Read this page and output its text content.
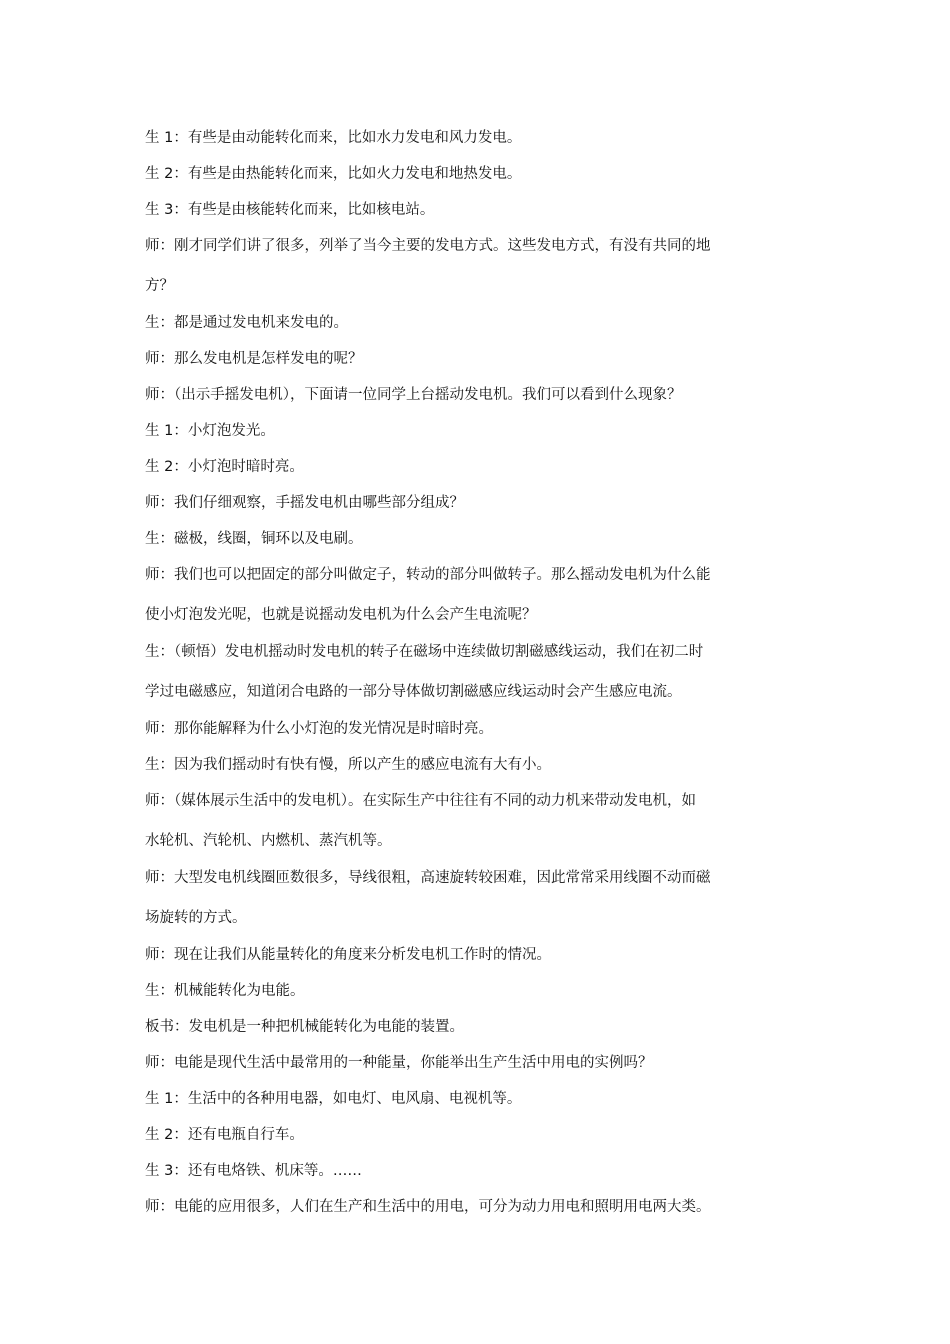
生 1：有些是由动能转化而来，比如水力发电和风力发电。
生 2：有些是由热能转化而来，比如火力发电和地热发电。
生 3：有些是由核能转化而来，比如核电站。
师：刚才同学们讲了很多，列举了当今主要的发电方式。这些发电方式，有没有共同的地
方？
生：都是通过发电机来发电的。
师：那么发电机是怎样发电的呢？
师：（出示手摇发电机），下面请一位同学上台摇动发电机。我们可以看到什么现象？
生 1：小灯泡发光。
生 2：小灯泡时暗时亮。
师：我们仔细观察，手摇发电机由哪些部分组成？
生：磁极，线圈，铜环以及电刷。
师：我们也可以把固定的部分叫做定子，转动的部分叫做转子。那么摇动发电机为什么能
使小灯泡发光呢，也就是说摇动发电机为什么会产生电流呢？
生：（顿悟）发电机摇动时发电机的转子在磁场中连续做切割磁感线运动，我们在初二时
学过电磁感应，知道闭合电路的一部分导体做切割磁感应线运动时会产生感应电流。
师：那你能解释为什么小灯泡的发光情况是时暗时亮。
生：因为我们摇动时有快有慢，所以产生的感应电流有大有小。
师：（媒体展示生活中的发电机）。在实际生产中往往有不同的动力机来带动发电机，如
水轮机、汽轮机、内燃机、蒸汽机等。
师：大型发电机线圈匝数很多，导线很粗，高速旋转较困难，因此常常采用线圈不动而磁
场旋转的方式。
师：现在让我们从能量转化的角度来分析发电机工作时的情况。
生：机械能转化为电能。
板书：发电机是一种把机械能转化为电能的装置。
师：电能是现代生活中最常用的一种能量，你能举出生产生活中用电的实例吗？
生 1：生活中的各种用电器，如电灯、电风扇、电视机等。
生 2：还有电瓶自行车。
生 3：还有电烙铁、机床等。……
师：电能的应用很多，人们在生产和生活中的用电，可分为动力用电和照明用电两大类。
